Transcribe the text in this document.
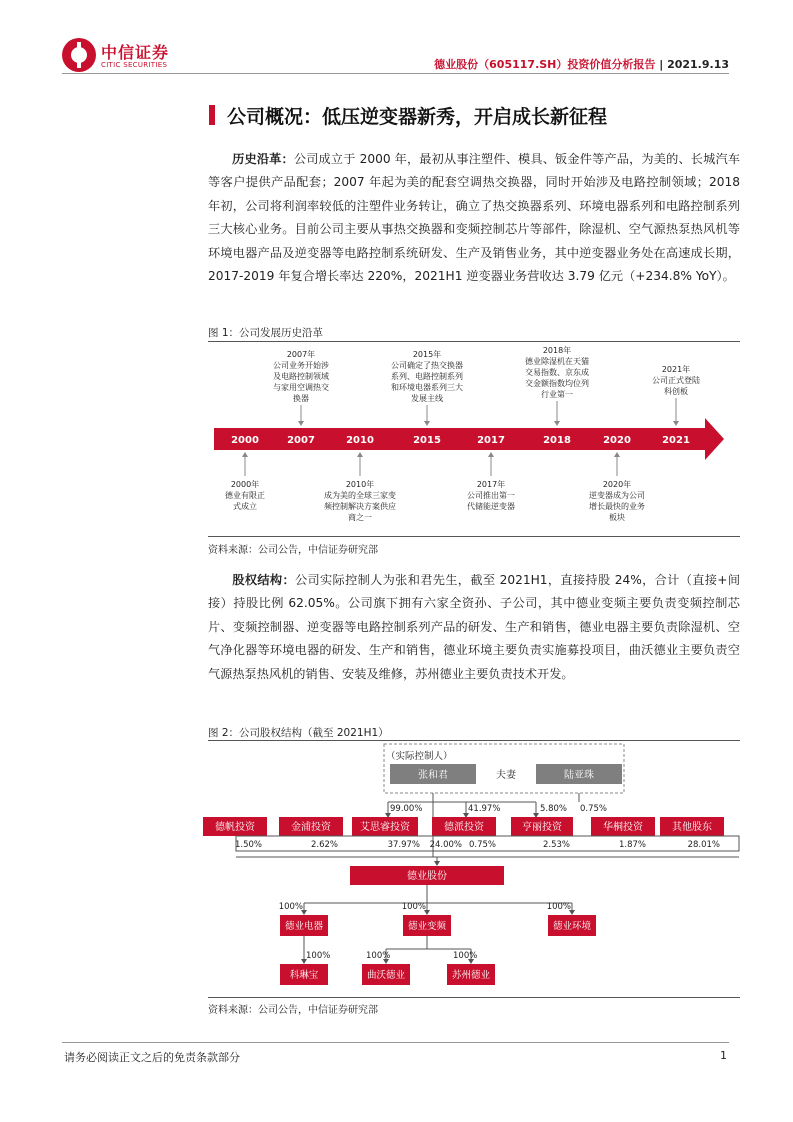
中信证券
CITIC SECURITIES	德业股份（605117.SH）投资价值分析报告 | 2021.9.13
公司概况：低压逆变器新秀，开启成长新征程
历史沿革：公司成立于 2000 年，最初从事注塑件、模具、钣金件等产品，为美的、长城汽车等客户提供产品配套；2007 年起为美的配套空调热交换器，同时开始涉及电路控制领域；2018 年初，公司将利润率较低的注塑件业务转让，确立了热交换器系列、环境电器系列和电路控制系列三大核心业务。目前公司主要从事热交换器和变频控制芯片等部件，除湿机、空气源热泵热风机等环境电器产品及逆变器等电路控制系统研发、生产及销售业务，其中逆变器业务处在高速成长期，2017-2019 年复合增长率达 220%，2021H1 逆变器业务营收达 3.79 亿元（+234.8% YoY）。
图 1：公司发展历史沿革
2000	2007	2010	2015	2017	2018	2020	2021
2007年
公司业务开始涉
及电路控制领域
与家用空调热交
换器
2015年
公司确定了热交换器
系列、电路控制系列
和环境电器系列三大
发展主线
2018年
德业除湿机在天猫
交易指数、京东成
交金额指数均位列
行业第一
2021年
公司正式登陆
科创板
2000年
德业有限正
式成立
2010年
成为美的全球三家变
频控制解决方案供应
商之一
2017年
公司推出第一
代储能逆变器
2020年
逆变器成为公司
增长最快的业务
板块
资料来源：公司公告，中信证券研究部
股权结构：公司实际控制人为张和君先生，截至 2021H1，直接持股 24%，合计（直接+间接）持股比例 62.05%。公司旗下拥有六家全资孙、子公司，其中德业变频主要负责变频控制芯片、变频控制器、逆变器等电路控制系列产品的研发、生产和销售，德业电器主要负责除湿机、空气净化器等环境电器的研发、生产和销售，德业环境主要负责实施募投项目，曲沃德业主要负责空气源热泵热风机的销售、安装及维修，苏州德业主要负责技术开发。
图 2：公司股权结构（截至 2021H1）
（实际控制人）
张和君	夫妻	陆亚珠
99.00%	41.97%	5.80% 0.75%
德帆投资	金浦投资	艾思睿投资	德派投资	亨丽投资	华桐投资	其他股东
1.50%	2.62%	37.97%	0.75%	2.53%	1.87%	28.01%
24.00%
德业股份
100%
德业电器
100%
德业变频
100%
德业环境
100%
科琳宝
100%
曲沃德业
100%
苏州德业
资料来源：公司公告，中信证券研究部
请务必阅读正文之后的免责条款部分	1
